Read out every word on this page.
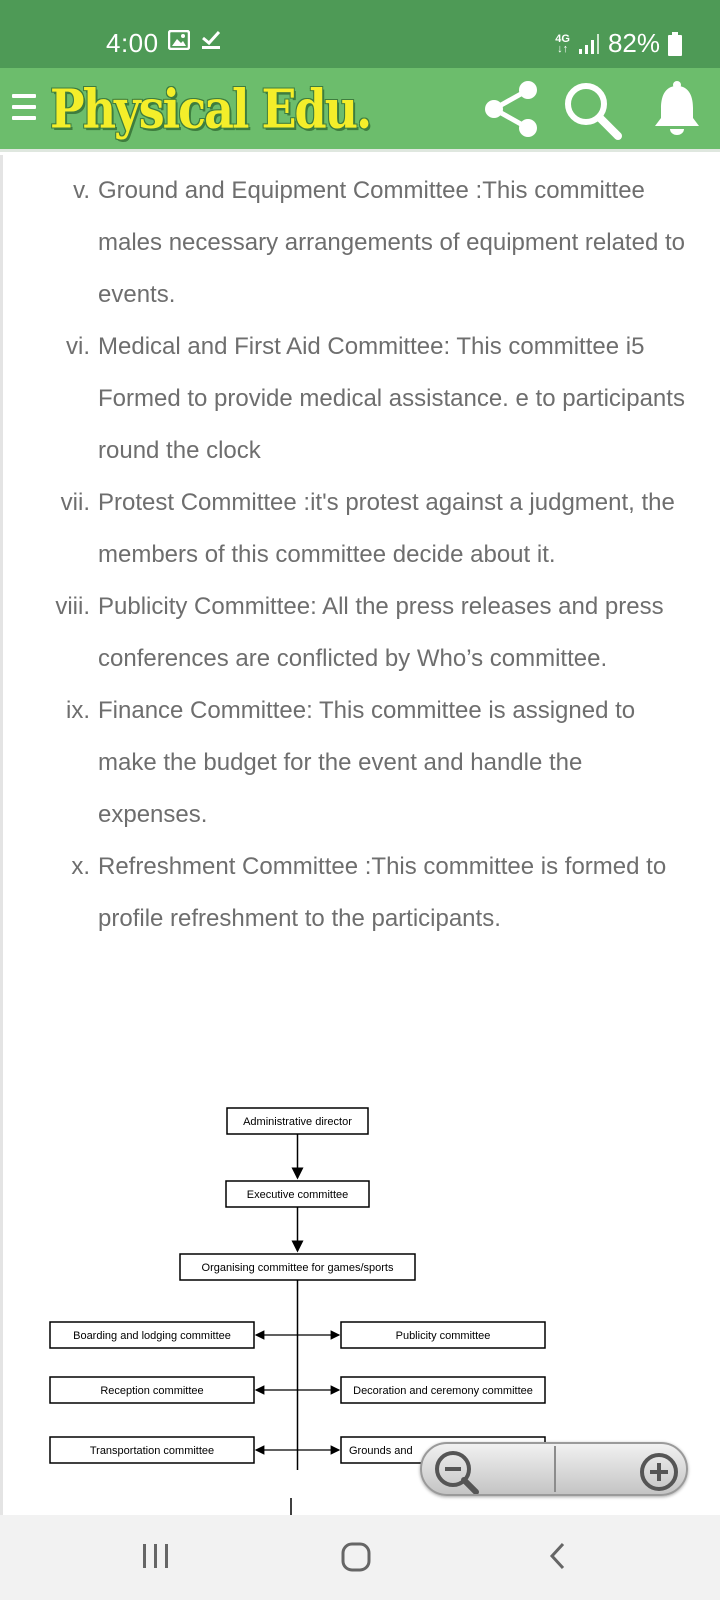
4:00	4G
↓↑ 82%
Physical Edu.
v. Ground and Equipment Committee :This committee males necessary arrangements of equipment related to events.
vi. Medical and First Aid Committee: This committee i5 Formed to provide medical assistance. e to participants round the clock
vii. Protest Committee :it's protest against a judgment, the members of this committee decide about it.
viii. Publicity Committee: All the press releases and press conferences are conflicted by Who’s committee.
ix. Finance Committee: This committee is assigned to make the budget for the event and handle the expenses.
x. Refreshment Committee :This committee is formed to profile refreshment to the participants.
Administrative director
Executive committee
Organising committee for games/sports
Boarding and lodging committee	Publicity committee
Reception committee	Decoration and ceremony committee
Transportation committee	Grounds and
